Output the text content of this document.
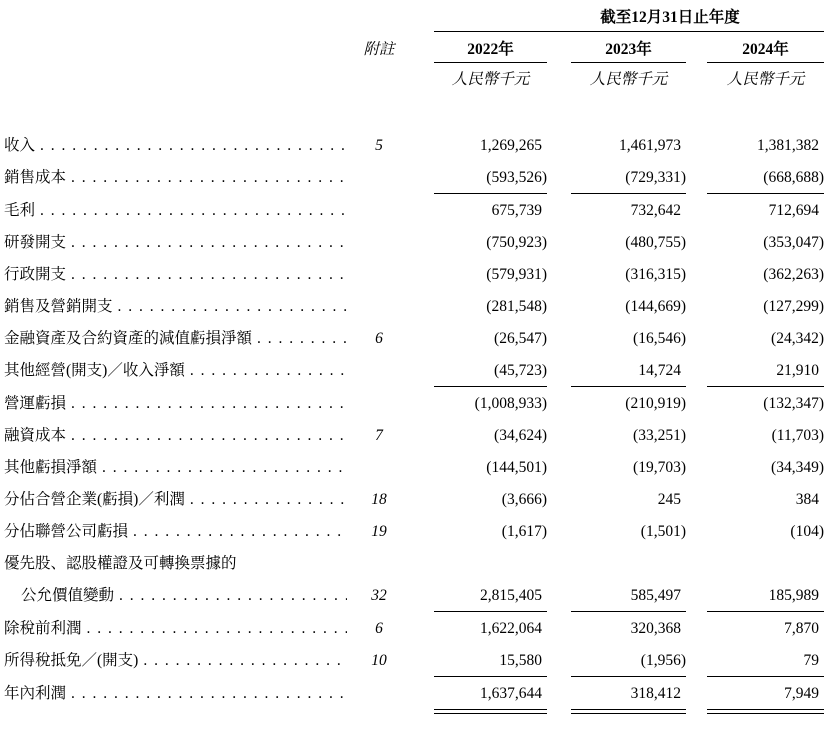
截至12月31日止年度
附註	2022年	2023年	2024年
人民幣千元	人民幣千元	人民幣千元
收入 . . .	5	1,269,265	1,461,973	1,381,382
銷售成本 . . .	(593,526)	(729,331)	(668,688)
毛利 . . .	675,739	732,642	712,694
研發開支 . . .	(750,923)	(480,755)	(353,047)
行政開支 . . .	(579,931)	(316,315)	(362,263)
銷售及營銷開支 . . .	(281,548)	(144,669)	(127,299)
金融資產及合約資產的減值虧損淨額 . . .	6	(26,547)	(16,546)	(24,342)
其他經營(開支)／收入淨額 . . .	(45,723)	14,724	21,910
營運虧損 . . .	(1,008,933)	(210,919)	(132,347)
融資成本 . . .	7	(34,624)	(33,251)	(11,703)
其他虧損淨額 . . .	(144,501)	(19,703)	(34,349)
分佔合營企業(虧損)／利潤 . . .	18	(3,666)	245	384
分佔聯營公司虧損 . . .	19	(1,617)	(1,501)	(104)
優先股、認股權證及可轉換票據的
公允價值變動 . . .	32	2,815,405	585,497	185,989
除稅前利潤 . . .	6	1,622,064	320,368	7,870
所得稅抵免／(開支) . . .	10	15,580	(1,956)	79
年內利潤 . . .	1,637,644	318,412	7,949
